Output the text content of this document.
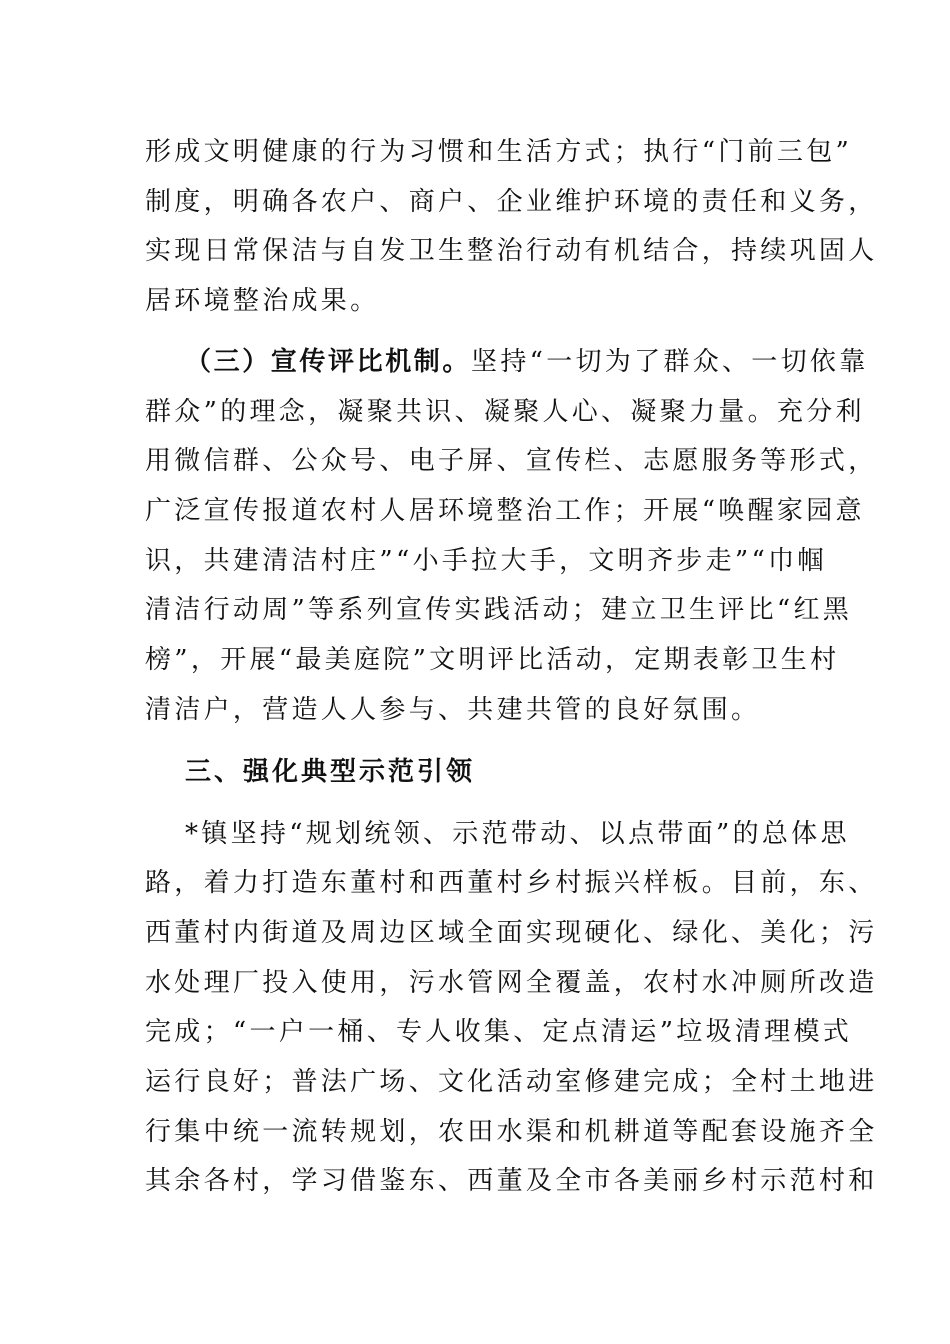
形成文明健康的行为习惯和生活方式；执行“门前三包”
制度，明确各农户、商户、企业维护环境的责任和义务，
实现日常保洁与自发卫生整治行动有机结合，持续巩固人
居环境整治成果。
（三）宣传评比机制。坚持“一切为了群众、一切依靠
群众”的理念，凝聚共识、凝聚人心、凝聚力量。充分利
用微信群、公众号、电子屏、宣传栏、志愿服务等形式，
广泛宣传报道农村人居环境整治工作；开展“唤醒家园意
识，共建清洁村庄”“小手拉大手，文明齐步走”“巾帼
清洁行动周”等系列宣传实践活动；建立卫生评比“红黑
榜”，开展“最美庭院”文明评比活动，定期表彰卫生村
清洁户，营造人人参与、共建共管的良好氛围。
三、强化典型示范引领
*镇坚持“规划统领、示范带动、以点带面”的总体思
路，着力打造东董村和西董村乡村振兴样板。目前，东、
西董村内街道及周边区域全面实现硬化、绿化、美化；污
水处理厂投入使用，污水管网全覆盖，农村水冲厕所改造
完成；“一户一桶、专人收集、定点清运”垃圾清理模式
运行良好；普法广场、文化活动室修建完成；全村土地进
行集中统一流转规划，农田水渠和机耕道等配套设施齐全
其余各村，学习借鉴东、西董及全市各美丽乡村示范村和
